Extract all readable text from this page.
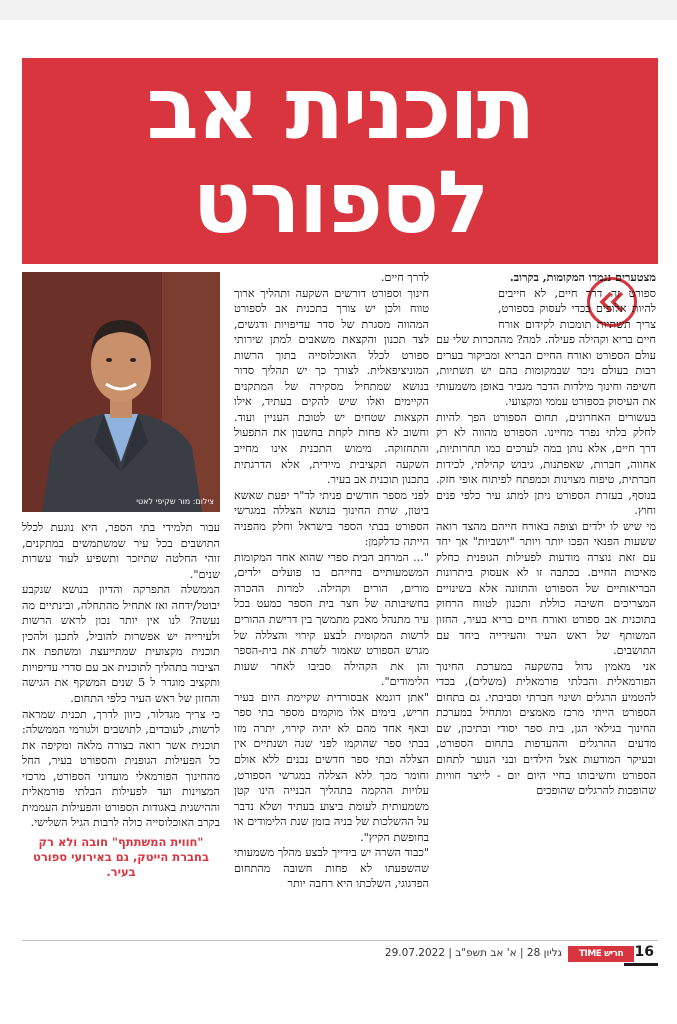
תוכנית אב
לספורט
צילום: מור שקיפי לאטי

מצטערים נגמרו המקומות, בקרוב.

ספורט זה דרך חיים, לא חייבים להיות אלופים בכדי לעסוק בספורט, צריך תשתיות תומכות לקידום אורח חיים בריא וקהילה פעילה. למה? מההכרות שלי עם עולם הספורט ואורח החיים הבריא ומביקור בערים רבות בעולם ניכר שבמקומות בהם יש תשתיות, חשיפה וחינוך מילדות הדבר מגביר באופן משמעותי את העיסוק בספורט עממי ומקצועי.

בעשורים האחרונים, תחום הספורט הפך להיות לחלק בלתי נפרד מחיינו. הספורט מהווה לא רק דרך חיים, אלא נותן במה לערכים כמו תחרותיות, אחווה, חברות, שאפתנות, גיבוש קהילתי, לכידות חברתית, טיפוח מצוינות וכמפתח לפיתוח אופי חזק. בנוסף, בעזרת הספורט ניתן למתג עיר כלפי פנים וחוץ.

מי שיש לו ילדים וצופה באורח חייהם מהצד רואה ששעות הפנאי הפכו יותר ויותר "יושביות" אך יחד עם זאת נוצרה מודעות לפעילות הגופנית כחלק מאיכות החיים. בכתבה זו לא אעסוק ביתרונות הבריאותיים של הספורט והתזונה אלא בשינויים המצריכים חשיבה כוללת ותכנון לטווח הרחוק בתוכנית אב ספורט ואורח חיים בריא בעיר, החזון המשותף של ראש העיר והעירייה ביחד עם התושבים.

אני מאמין גדול בהשקעה במערכת החינוך הפורמאלית והבלתי פורמאלית (משלים), בכדי להטמיע הרגלים ושינוי חברתי וסביבתי. גם בתחום הספורט הייתי מרכז מאמצים ומתחיל במערכת החינוך בגילאי הגן, בית ספר יסודי ובתיכון, שם מדעים ההרגלים וההעדפות בתחום הספורט, ובעיקר המודעות אצל הילדים ובני הנוער לתחום הספורט וחשיבותו בחיי היום יום - לייצר חוויות שהופכות להרגלים שהופכים

לדרך חיים.

חינוך וספורט דורשים השקעה ותהליך ארוך טווח ולכן יש צורך בתכנית אב לספורט המהווה מסגרת של סדר עדיפויות ודגשים, לצד תכנון והקצאת משאבים למתן שירותי ספורט לכלל האוכלוסייה בתוך הרשות המוניציפאלית. לצורך כך יש תהליך סדור בנושא שמתחיל מסקירה של המתקנים הקיימים ואלו שיש להקים בעתיד, אילו הקצאות שטחים יש לטובת העניין ועוד. וחשוב לא פחות לקחת בחשבון את התפעול והתחזוקה. מימוש התכנית אינו מחייב השקעה תקציבית מיידית, אלא הדרגתית בתכנון תוכנית אב בעיר.

לפני מספר חודשים פניתי לד"ר יפעת שאשא ביטון, שרת החינוך בנושא הצללה במגרשי הספורט בבתי הספר בישראל וחלק מהפניה הייתה כדלקמן:

"... המרחב הבית ספרי שהוא אחד המקומות המשמעותיים בחייהם בו פועלים ילדים, מורים, הורים וקהילה. למרות ההכרה בחשיבותה של חצר בית הספר כמעט בכל עיר מתנהל מאבק מתמשך בין דרישת ההורים לרשות המקומית לבצע קירוי והצללה של מגרש הספורט שאמור לשרת את בית-הספר והן את הקהילה סביבו לאחר שעות הלימודים".

"אתן דוגמא אבסורדית שקיימת היום בעיר חריש, בימים אלו מוקמים מספר בתי ספר ובאף אחד מהם לא יהיה קירוי, יתרה מזו בבתי ספר שהוקמו לפני שנה ושנתיים אין הצללה ובתי ספר חדשים נבנים ללא אולם וחומר מכך ללא הצללה במגרשי הספורט, עלויות ההקמה בתהליך הבנייה הינו קטן משמעותית לעומת ביצוע בעתיד ושלא נדבר על ההשלכות של בניה בזמן שנת הלימודים או בחופשת הקיץ".

"כבוד השרה יש בידייך לבצע מהלך משמעותי שהשפעתו לא פחות חשובה מהתחום הפדגוגי, השלכתו היא רחבה יותר

עבור תלמידי בתי הספר, היא נוגעת לכלל התושבים בכל עיר שמשתמשים במתקנים, זוהי החלטה שתיזכר ותשפיע לעוד עשרות שנים".

הממשלה התפרקה והדיון בנושא שנקבע יבוטל/ידחה ואז אתחיל מהתחלה, ובינתיים מה נעשה? לנו אין יותר נכון לראש הרשות ולעירייה יש אפשרות להוביל, לתכנן ולהכין תוכנית מקצועית שמתייעצת ומשתפת את הציבור בתהליך לתוכנית אב עם סדרי עדיפויות ותקציב מוגדר ל 5 שנים המשקף את הגישה והחזון של ראש העיר כלפי התחום.

כי צריך מגדלור, כיוון לדרך, תכנית שמראה לרשות, לעובדים, לתושבים ולגורמי הממשלה: תוכנית אשר רואה בצורה מלאה ומקיפה את כל הפעילות הגופנית והספורט בעיר, החל מהחינוך הפורמאלי מועדוני הספורט, מרכזי המצוינות ועד לפעילות הבלתי פורמאלית וההישגית באגודות הספורט והפעילות העממית בקרב האוכלוסייה כולה לרבות הגיל השלישי.

"חווית המשתתף" חובה ולא רק בחברת הייטק, גם באירועי ספורט בעיר.

16
חריש TIME
גליון 28 | א' אב תשפ"ב | 29.07.2022
